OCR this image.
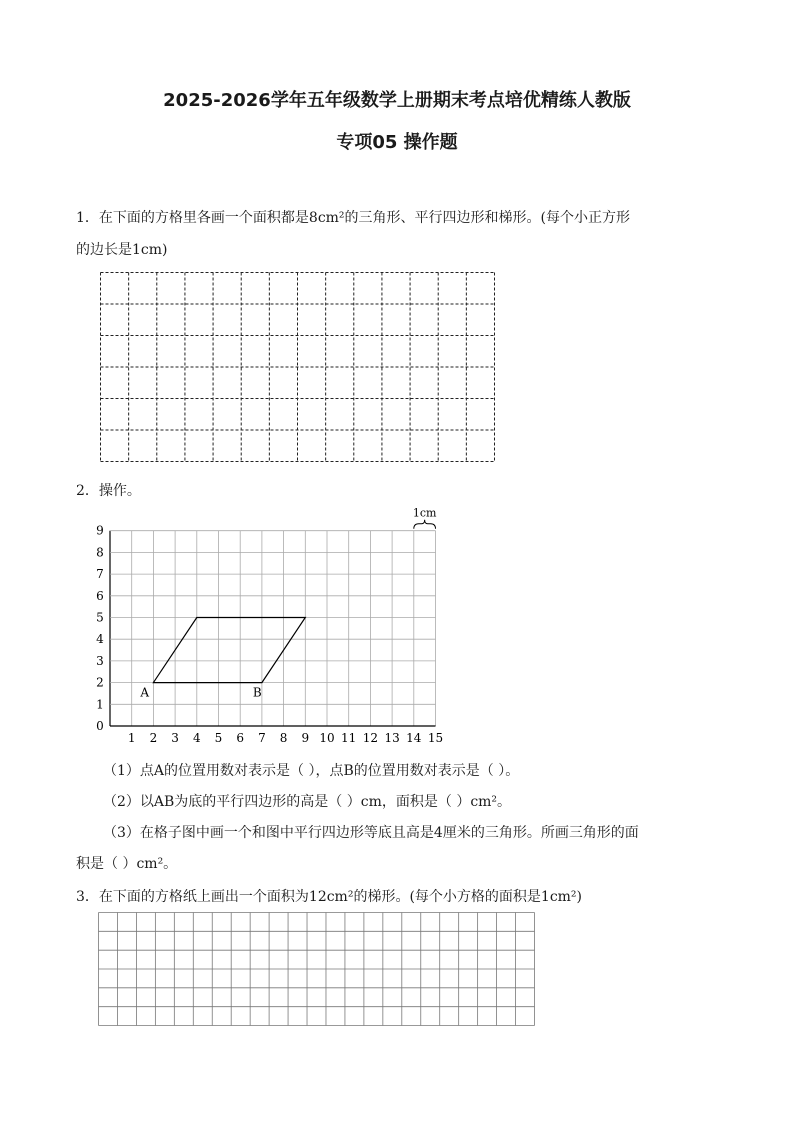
2025-2026学年五年级数学上册期末考点培优精练人教版
专项05 操作题
1．在下面的方格里各画一个面积都是8cm²的三角形、平行四边形和梯形。(每个小正方形
的边长是1cm)
2．操作。
0
1
2
3
4
5
6
7
8
9
1 2 3 4 5 6 7 8 9 10 11 12 13 14 15
A	B
1cm
（1）点A的位置用数对表示是（ ），点B的位置用数对表示是（ ）。
（2）以AB为底的平行四边形的高是（ ）cm，面积是（ ）cm²。
（3）在格子图中画一个和图中平行四边形等底且高是4厘米的三角形。所画三角形的面
积是（ ）cm²。
3．在下面的方格纸上画出一个面积为12cm²的梯形。(每个小方格的面积是1cm²)
